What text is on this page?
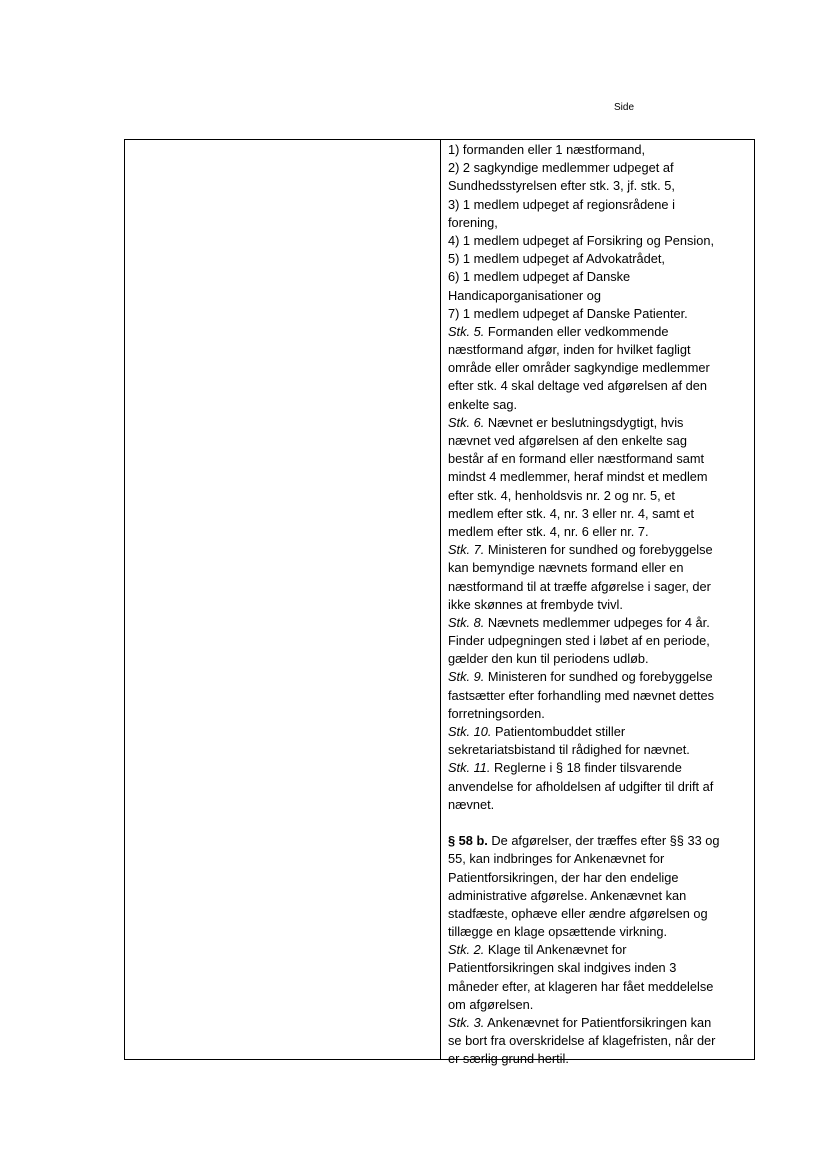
Side
1) formanden eller 1 næstformand,
2) 2 sagkyndige medlemmer udpeget af
Sundhedsstyrelsen efter stk. 3, jf. stk. 5,
3) 1 medlem udpeget af regionsrådene i
forening,
4) 1 medlem udpeget af Forsikring og Pension,
5) 1 medlem udpeget af Advokatrådet,
6) 1 medlem udpeget af Danske
Handicaporganisationer og
7) 1 medlem udpeget af Danske Patienter.
Stk. 5. Formanden eller vedkommende
næstformand afgør, inden for hvilket fagligt
område eller områder sagkyndige medlemmer
efter stk. 4 skal deltage ved afgørelsen af den
enkelte sag.
Stk. 6. Nævnet er beslutningsdygtigt, hvis
nævnet ved afgørelsen af den enkelte sag
består af en formand eller næstformand samt
mindst 4 medlemmer, heraf mindst et medlem
efter stk. 4, henholdsvis nr. 2 og nr. 5, et
medlem efter stk. 4, nr. 3 eller nr. 4, samt et
medlem efter stk. 4, nr. 6 eller nr. 7.
Stk. 7. Ministeren for sundhed og forebyggelse
kan bemyndige nævnets formand eller en
næstformand til at træffe afgørelse i sager, der
ikke skønnes at frembyde tvivl.
Stk. 8. Nævnets medlemmer udpeges for 4 år.
Finder udpegningen sted i løbet af en periode,
gælder den kun til periodens udløb.
Stk. 9. Ministeren for sundhed og forebyggelse
fastsætter efter forhandling med nævnet dettes
forretningsorden.
Stk. 10. Patientombuddet stiller
sekretariatsbistand til rådighed for nævnet.
Stk. 11. Reglerne i § 18 finder tilsvarende
anvendelse for afholdelsen af udgifter til drift af
nævnet.
§ 58 b. De afgørelser, der træffes efter §§ 33 og
55, kan indbringes for Ankenævnet for
Patientforsikringen, der har den endelige
administrative afgørelse. Ankenævnet kan
stadfæste, ophæve eller ændre afgørelsen og
tillægge en klage opsættende virkning.
Stk. 2. Klage til Ankenævnet for
Patientforsikringen skal indgives inden 3
måneder efter, at klageren har fået meddelelse
om afgørelsen.
Stk. 3. Ankenævnet for Patientforsikringen kan
se bort fra overskridelse af klagefristen, når der
er særlig grund hertil.
